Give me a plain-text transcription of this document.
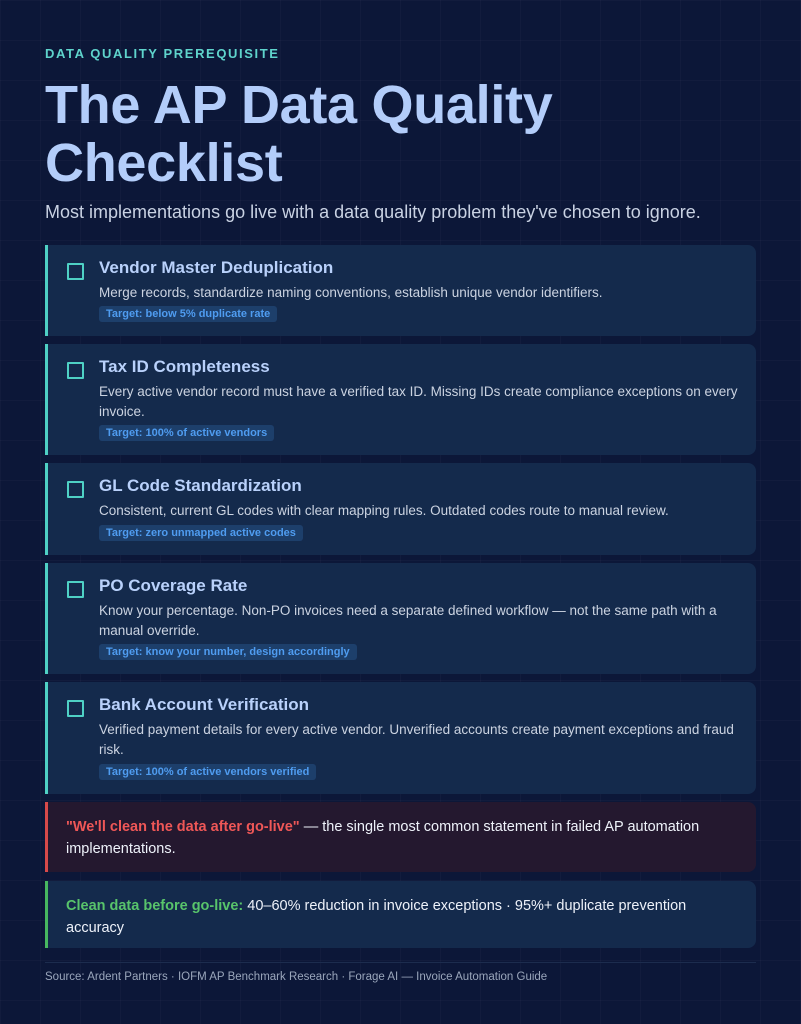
DATA QUALITY PREREQUISITE
The AP Data Quality Checklist
Most implementations go live with a data quality problem they've chosen to ignore.
Vendor Master Deduplication
Merge records, standardize naming conventions, establish unique vendor identifiers.
Target: below 5% duplicate rate
Tax ID Completeness
Every active vendor record must have a verified tax ID. Missing IDs create compliance exceptions on every invoice.
Target: 100% of active vendors
GL Code Standardization
Consistent, current GL codes with clear mapping rules. Outdated codes route to manual review.
Target: zero unmapped active codes
PO Coverage Rate
Know your percentage. Non-PO invoices need a separate defined workflow — not the same path with a manual override.
Target: know your number, design accordingly
Bank Account Verification
Verified payment details for every active vendor. Unverified accounts create payment exceptions and fraud risk.
Target: 100% of active vendors verified
"We'll clean the data after go-live" — the single most common statement in failed AP automation implementations.
Clean data before go-live: 40–60% reduction in invoice exceptions · 95%+ duplicate prevention accuracy
Source: Ardent Partners · IOFM AP Benchmark Research · Forage AI — Invoice Automation Guide
